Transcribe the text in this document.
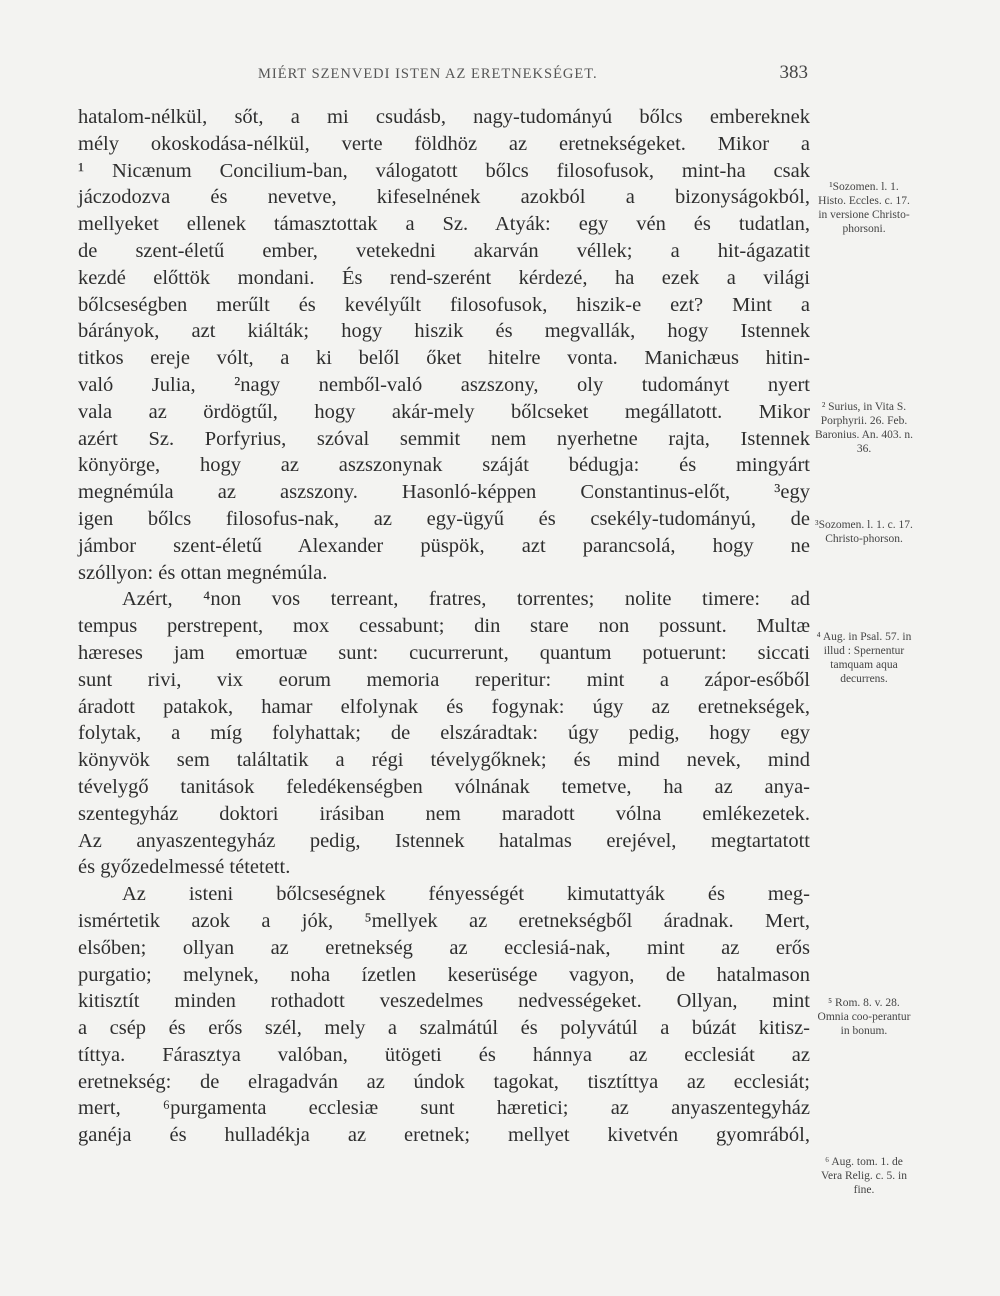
MIÉRT SZENVEDI ISTEN AZ ERETNEKSÉGET.	383
hatalom-nélkül, sőt, a mi csudásb, nagy-tudományú bőlcs embereknek
mély okoskodása-nélkül, verte földhöz az eretnekségeket. Mikor a
¹ Nicænum Concilium-ban, válogatott bőlcs filosofusok, mint-ha csak
jáczodozva és nevetve, kifeselnének azokból a bizonyságokból,
mellyeket ellenek támasztottak a Sz. Atyák: egy vén és tudatlan,
de szent-életű ember, vetekedni akarván véllek; a hit-ágazatit
kezdé előttök mondani. És rend-szerént kérdezé, ha ezek a világi
bőlcseségben merűlt és kevélyűlt filosofusok, hiszik-e ezt? Mint a
bárányok, azt kiálták; hogy hiszik és megvallák, hogy Istennek
titkos ereje vólt, a ki belől őket hitelre vonta. Manichæus hitin-
való Julia, ²nagy nemből-való aszszony, oly tudományt nyert
vala az ördögtűl, hogy akár-mely bőlcseket megállatott. Mikor
azért Sz. Porfyrius, szóval semmit nem nyerhetne rajta, Istennek
könyörge, hogy az aszszonynak száját bédugja: és mingyárt
megnémúla az aszszony. Hasonló-képpen Constantinus-előt, ³egy
igen bőlcs filosofus-nak, az egy-ügyű és csekély-tudományú, de
jámbor szent-életű Alexander püspök, azt parancsolá, hogy ne
szóllyon: és ottan megnémúla.
Azért, ⁴non vos terreant, fratres, torrentes; nolite timere: ad
tempus perstrepent, mox cessabunt; din stare non possunt. Multæ
hæreses jam emortuæ sunt: cucurrerunt, quantum potuerunt: siccati
sunt rivi, vix eorum memoria reperitur: mint a zápor-esőből
áradott patakok, hamar elfolynak és fogynak: úgy az eretnekségek,
folytak, a míg folyhattak; de elszáradtak: úgy pedig, hogy egy
könyvök sem találtatik a régi tévelygőknek; és mind nevek, mind
tévelygő tanitások feledékenségben vólnának temetve, ha az anya-
szentegyház doktori irásiban nem maradott vólna emlékezetek.
Az anyaszentegyház pedig, Istennek hatalmas erejével, megtartatott
és győzedelmessé tétetett.
Az isteni bőlcseségnek fényességét kimutattyák és meg-
ismértetik azok a jók, ⁵mellyek az eretnekségből áradnak. Mert,
elsőben; ollyan az eretnekség az ecclesiá-nak, mint az erős
purgatio; melynek, noha ízetlen keserüsége vagyon, de hatalmason
kitisztít minden rothadott veszedelmes nedvességeket. Ollyan, mint
a csép és erős szél, mely a szalmátúl és polyvátúl a búzát kitisz-
títtya. Fárasztya valóban, ütögeti és hánnya az ecclesiát az
eretnekség: de elragadván az úndok tagokat, tisztíttya az ecclesiát;
mert, ⁶purgamenta ecclesiæ sunt hæretici; az anyaszentegyház
ganéja és hulladékja az eretnek; mellyet kivetvén gyomrából,
¹Sozomen. l. 1. Histo. Eccles. c. 17. in versione Christo-phorsoni.
² Surius, in Vita S. Porphyrii. 26. Feb. Baronius. An. 403. n. 36.
³Sozomen. l. 1. c. 17. Christo-phorson.
⁴ Aug. in Psal. 57. in illud : Spernentur tamquam aqua decurrens.
⁵ Rom. 8. v. 28. Omnia coo-perantur in bonum.
⁶ Aug. tom. 1. de Vera Relig. c. 5. in fine.
